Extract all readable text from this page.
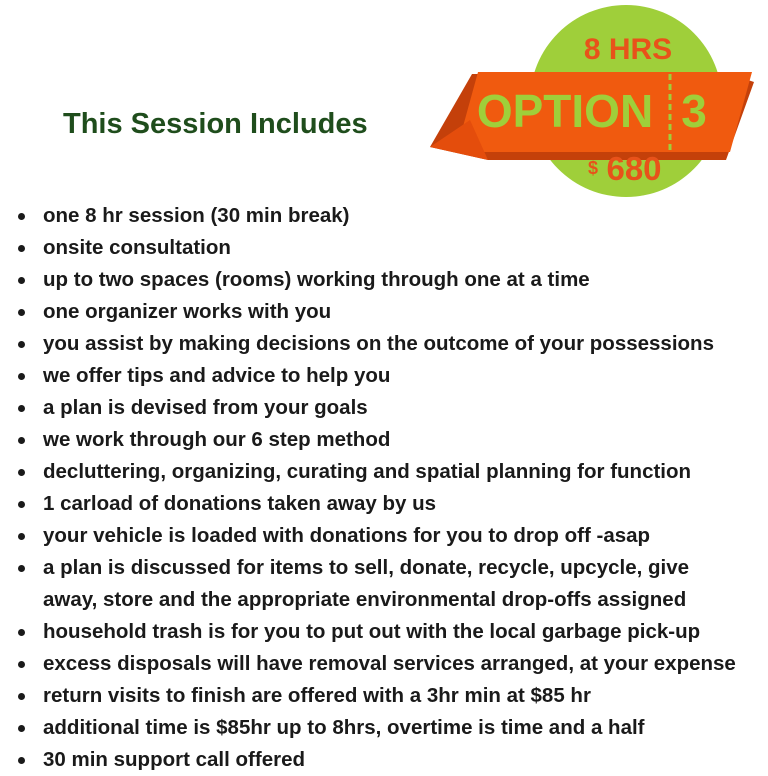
This Session Includes
8 HRS
OPTION 3
$ 680
one 8 hr session (30 min break)
onsite consultation
up to two spaces (rooms) working through one at a time
one organizer works with you
you assist by making decisions on the outcome of your possessions
we offer tips and advice to help you
a plan is devised from your goals
we work through our 6 step method
decluttering, organizing, curating and spatial planning for function
1 carload of donations taken away by us
your vehicle is loaded with donations for you to drop off -asap
a plan is discussed for items to sell, donate, recycle, upcycle, give
away, store and the appropriate environmental drop-offs assigned
household trash is for you to put out with the local garbage pick-up
excess disposals will have removal services arranged, at your expense
return visits to finish are offered with a 3hr min at $85 hr
additional time is $85hr up to 8hrs, overtime is time and a half
30 min support call offered
